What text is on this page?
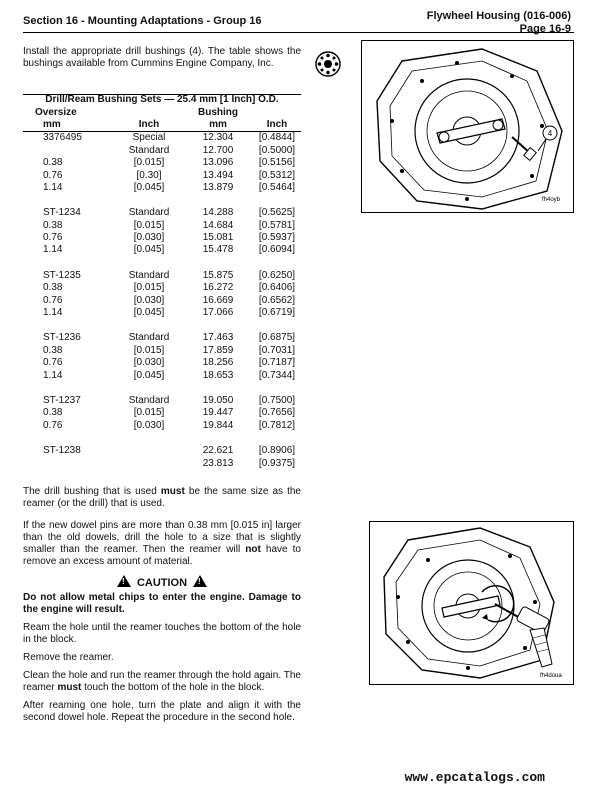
Section 16 - Mounting Adaptations - Group 16	Flywheel Housing (016-006)
Page 16-9
Install the appropriate drill bushings (4). The table shows the bushings available from Cummins Engine Company, Inc.
Drill/Ream Bushing Sets — 25.4 mm [1 Inch] O.D.			
Oversize		Bushing	
mm	Inch	mm	Inch
3376495	Special	12.304	[0.4844]
	Standard	12.700	[0.5000]
0.38	[0.015]	13.096	[0.5156]
0.76	[0.30]	13.494	[0.5312]
1.14	[0.045]	13.879	[0.5464]

ST-1234	Standard	14.288	[0.5625]
0.38	[0.015]	14.684	[0.5781]
0.76	[0.030]	15.081	[0.5937]
1.14	[0.045]	15.478	[0.6094]

ST-1235	Standard	15.875	[0.6250]
0.38	[0.015]	16.272	[0.6406]
0.76	[0.030]	16.669	[0.6562]
1.14	[0.045]	17.066	[0.6719]

ST-1236	Standard	17.463	[0.6875]
0.38	[0.015]	17.859	[0.7031]
0.76	[0.030]	18.256	[0.7187]
1.14	[0.045]	18.653	[0.7344]

ST-1237	Standard	19.050	[0.7500]
0.38	[0.015]	19.447	[0.7656]
0.76	[0.030]	19.844	[0.7812]

ST-1238		22.621	[0.8906]
		23.813	[0.9375]
The drill bushing that is used must be the same size as the reamer (or the drill) that is used.
If the new dowel pins are more than 0.38 mm [0.015 in] larger than the old dowels, drill the hole to a size that is slightly smaller than the reamer. Then the reamer will not have to remove an excess amount of material.
!CAUTION!
Do not allow metal chips to enter the engine. Damage to the engine will result.
Ream the hole until the reamer touches the bottom of the hole in the block.
Remove the reamer.
Clean the hole and run the reamer through the hold again. The reamer must touch the bottom of the hole in the block.
After reaming one hole, turn the plate and align it with the second dowel hole. Repeat the procedure in the second hole.
4
fh4oyb
fh4doua
www.epcatalogs.com
